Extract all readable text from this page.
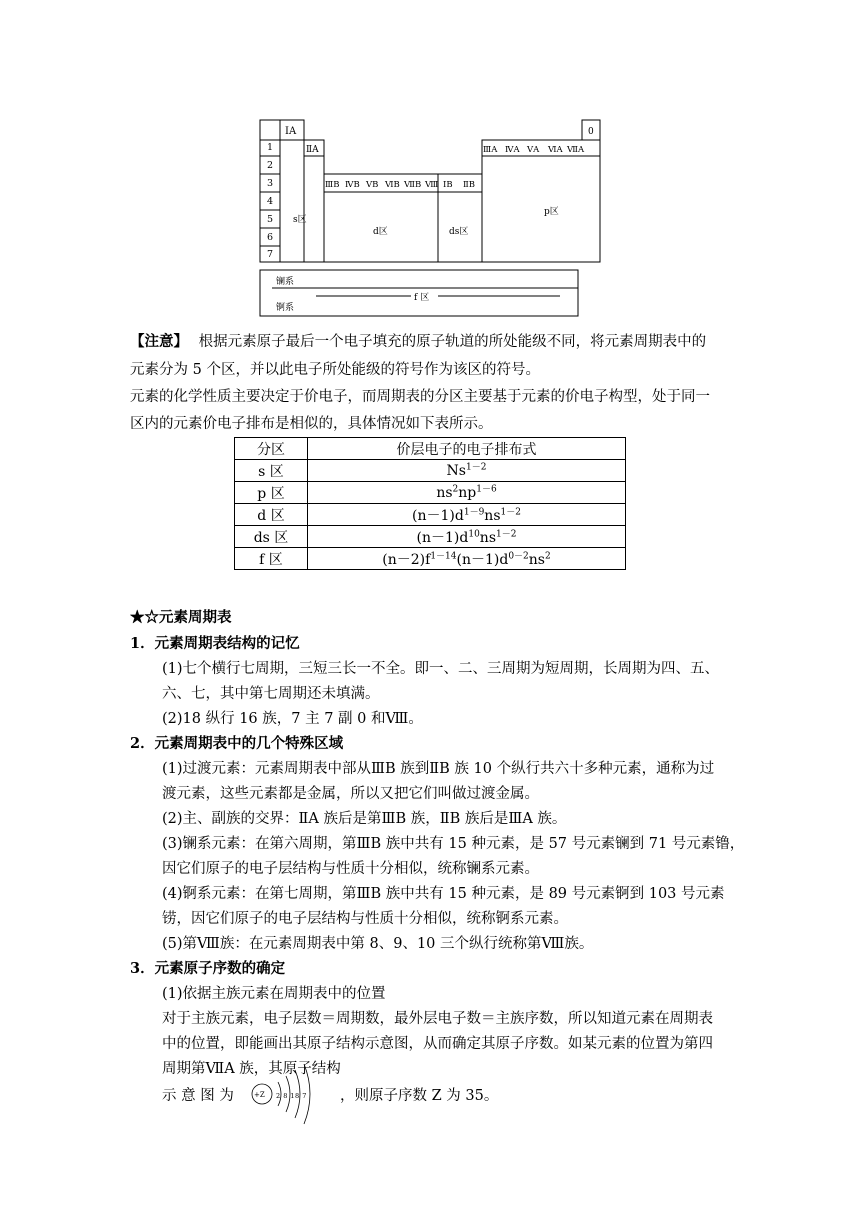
ⅠA	0
ⅡA	ⅢA ⅣA ⅤA ⅥA ⅦA
ⅢB ⅣB ⅤB ⅥB ⅦB Ⅷ ⅠB ⅡB
1
2
3
4
5
6
7
s区
d区	ds区
p区
镧系
锕系
f 区
【注意】 根据元素原子最后一个电子填充的原子轨道的所处能级不同，将元素周期表中的
元素分为 5 个区，并以此电子所处能级的符号作为该区的符号。
元素的化学性质主要决定于价电子，而周期表的分区主要基于元素的价电子构型，处于同一
区内的元素价电子排布是相似的，具体情况如下表所示。
分区	价层电子的电子排布式
s 区	$Ns^{1-2}$
p 区	$ns^2np^{1-6}$
d 区	$(n-1)d^{1-9}ns^{1-2}$
ds 区	$(n-1)d^{10}ns^{1-2}$
f 区	$(n-2)f^{1-14}(n-1)d^{0-2}ns^2$
★☆元素周期表
1．元素周期表结构的记忆
(1)七个横行七周期，三短三长一不全。即一、二、三周期为短周期，长周期为四、五、
六、七，其中第七周期还未填满。
(2)18 纵行 16 族，7 主 7 副 0 和Ⅷ。
2．元素周期表中的几个特殊区域
(1)过渡元素：元素周期表中部从ⅢB 族到ⅡB 族 10 个纵行共六十多种元素，通称为过
渡元素，这些元素都是金属，所以又把它们叫做过渡金属。
(2)主、副族的交界：ⅡA 族后是第ⅢB 族，ⅡB 族后是ⅢA 族。
(3)镧系元素：在第六周期，第ⅢB 族中共有 15 种元素，是 57 号元素镧到 71 号元素镥，
因它们原子的电子层结构与性质十分相似，统称镧系元素。
(4)锕系元素：在第七周期，第ⅢB 族中共有 15 种元素，是 89 号元素锕到 103 号元素
铹，因它们原子的电子层结构与性质十分相似，统称锕系元素。
(5)第Ⅷ族：在元素周期表中第 8、9、10 三个纵行统称第Ⅷ族。
3．元素原子序数的确定
(1)依据主族元素在周期表中的位置
对于主族元素，电子层数＝周期数，最外层电子数＝主族序数，所以知道元素在周期表
中的位置，即能画出其原子结构示意图，从而确定其原子序数。如某元素的位置为第四
周期第ⅦA 族，其原子结构
示 意 图 为	+Z 2 8 18 7 ，则原子序数 Z 为 35。
